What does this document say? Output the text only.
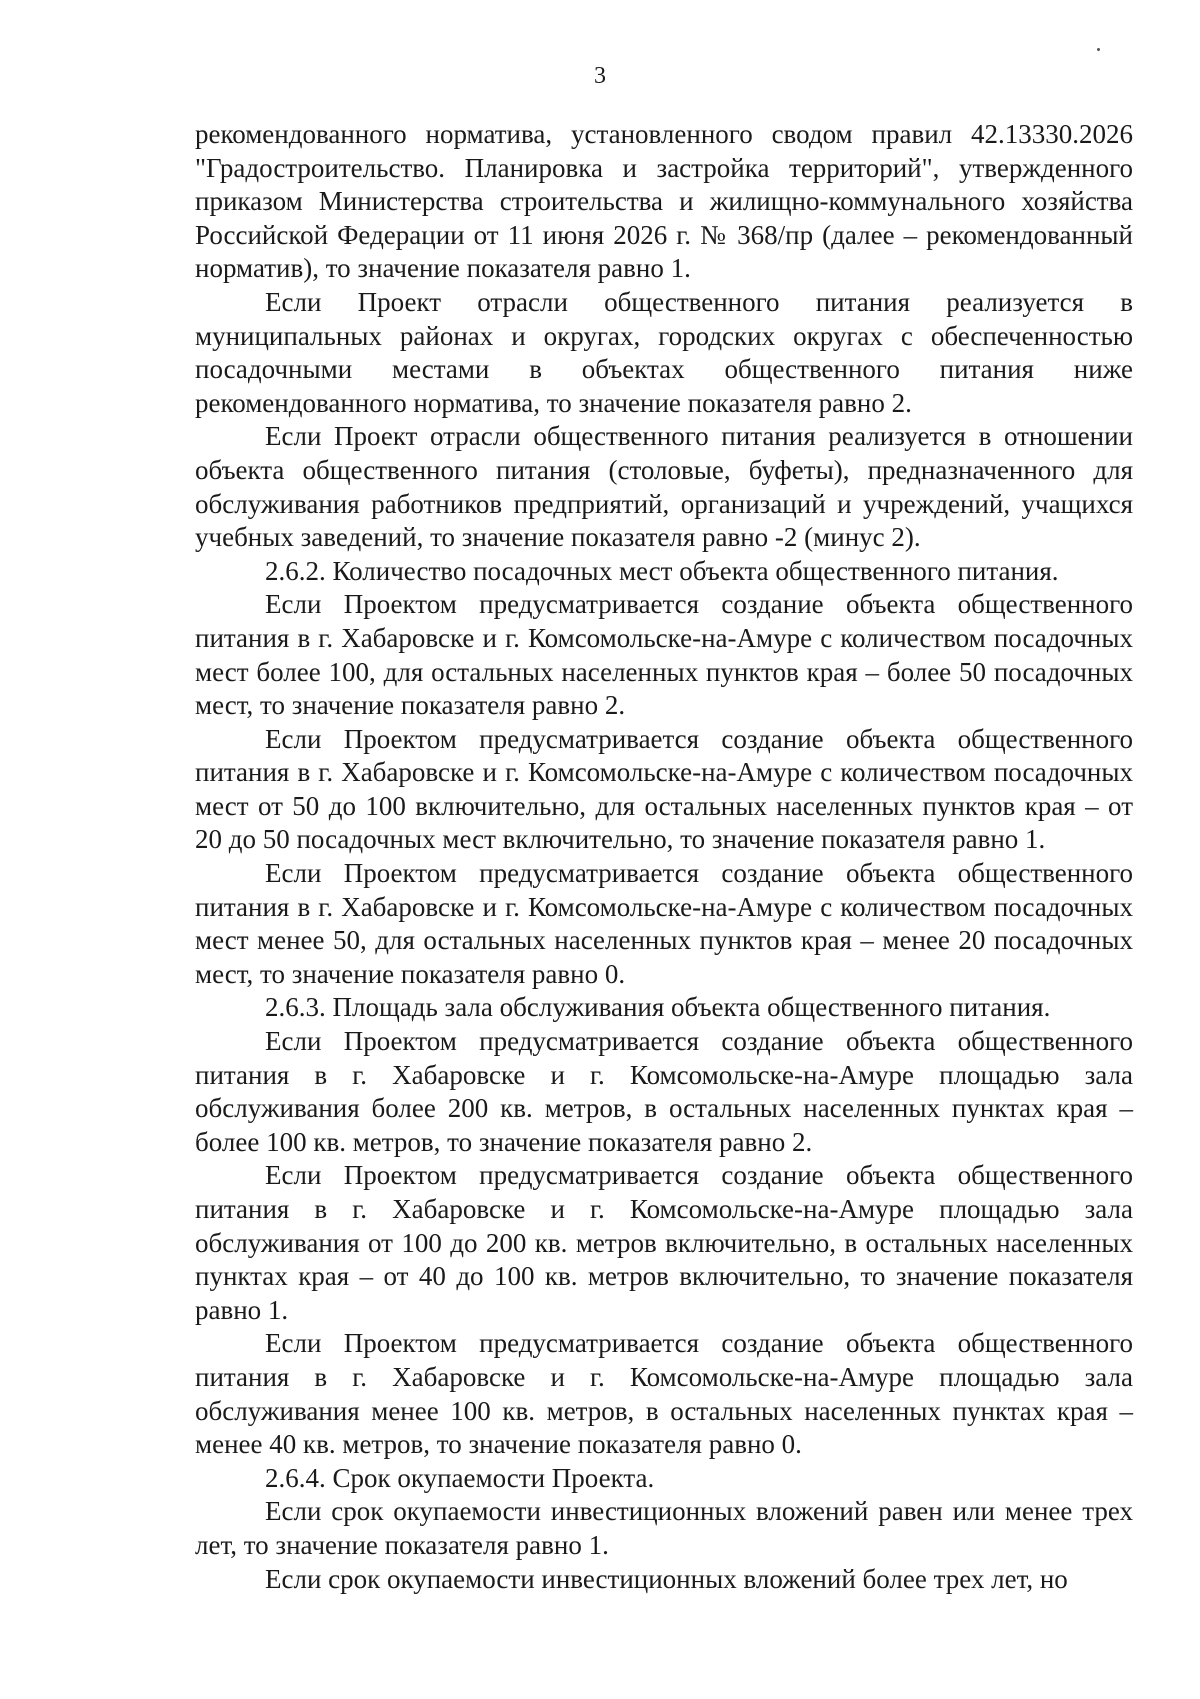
3

рекомендованного норматива, установленного сводом правил 42.13330.2026 "Градостроительство. Планировка и застройка территорий", утвержденного приказом Министерства строительства и жилищно-коммунального хозяйства Российской Федерации от 11 июня 2026 г. № 368/пр (далее – рекомендованный норматив), то значение показателя равно 1.

Если Проект отрасли общественного питания реализуется в муниципальных районах и округах, городских округах с обеспеченностью посадочными местами в объектах общественного питания ниже рекомендованного норматива, то значение показателя равно 2.

Если Проект отрасли общественного питания реализуется в отношении объекта общественного питания (столовые, буфеты), предназначенного для обслуживания работников предприятий, организаций и учреждений, учащихся учебных заведений, то значение показателя равно -2 (минус 2).

2.6.2. Количество посадочных мест объекта общественного питания.

Если Проектом предусматривается создание объекта общественного питания в г. Хабаровске и г. Комсомольске-на-Амуре с количеством посадочных мест более 100, для остальных населенных пунктов края – более 50 посадочных мест, то значение показателя равно 2.

Если Проектом предусматривается создание объекта общественного питания в г. Хабаровске и г. Комсомольске-на-Амуре с количеством посадочных мест от 50 до 100 включительно, для остальных населенных пунктов края – от 20 до 50 посадочных мест включительно, то значение показателя равно 1.

Если Проектом предусматривается создание объекта общественного питания в г. Хабаровске и г. Комсомольске-на-Амуре с количеством посадочных мест менее 50, для остальных населенных пунктов края – менее 20 посадочных мест, то значение показателя равно 0.

2.6.3. Площадь зала обслуживания объекта общественного питания.

Если Проектом предусматривается создание объекта общественного питания в г. Хабаровске и г. Комсомольске-на-Амуре площадью зала обслуживания более 200 кв. метров, в остальных населенных пунктах края – более 100 кв. метров, то значение показателя равно 2.

Если Проектом предусматривается создание объекта общественного питания в г. Хабаровске и г. Комсомольске-на-Амуре площадью зала обслуживания от 100 до 200 кв. метров включительно, в остальных населенных пунктах края – от 40 до 100 кв. метров включительно, то значение показателя равно 1.

Если Проектом предусматривается создание объекта общественного питания в г. Хабаровске и г. Комсомольске-на-Амуре площадью зала обслуживания менее 100 кв. метров, в остальных населенных пунктах края – менее 40 кв. метров, то значение показателя равно 0.

2.6.4. Срок окупаемости Проекта.

Если срок окупаемости инвестиционных вложений равен или менее трех лет, то значение показателя равно 1.

Если срок окупаемости инвестиционных вложений более трех лет, но
